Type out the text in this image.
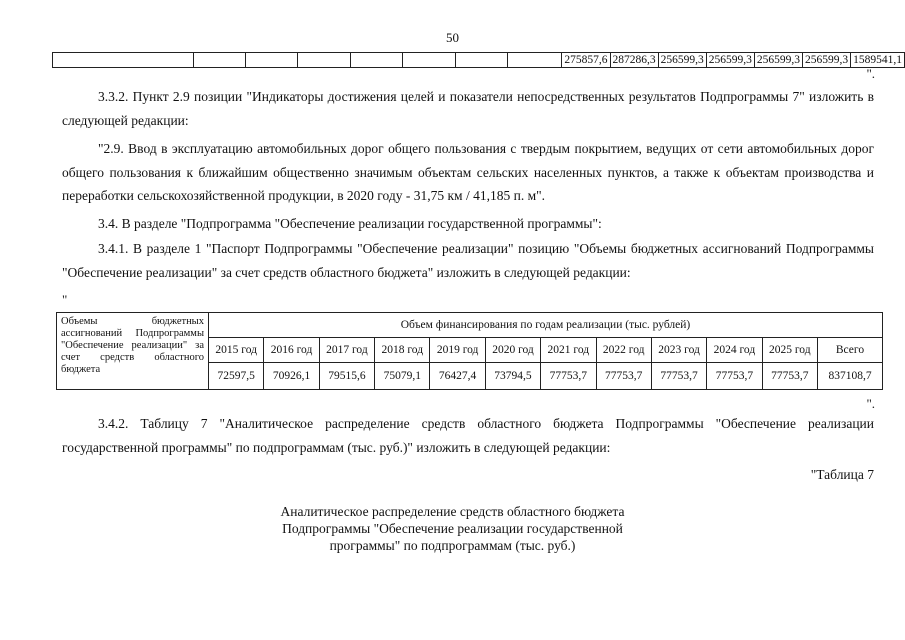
50
								275857,6	287286,3	256599,3	256599,3	256599,3	256599,3	1589541,1
".
3.3.2. Пункт 2.9 позиции "Индикаторы достижения целей и показатели непосредственных результатов Подпрограммы 7" изложить в следующей редакции:
"2.9. Ввод в эксплуатацию автомобильных дорог общего пользования с твердым покрытием, ведущих от сети автомобильных дорог общего пользования к ближайшим общественно значимым объектам сельских населенных пунктов, а также к объектам производства и переработки сельскохозяйственной продукции, в 2020 году - 31,75 км / 41,185 п. м".
3.4. В разделе "Подпрограмма "Обеспечение реализации государственной программы":
3.4.1. В разделе 1 "Паспорт Подпрограммы "Обеспечение реализации" позицию "Объемы бюджетных ассигнований Подпрограммы "Обеспечение реализации" за счет средств областного бюджета" изложить в следующей редакции:
"
Объемы бюджетных ассигнований Подпрограммы "Обеспечение реализации" за счет средств областного бюджета	Объем финансирования по годам реализации (тыс. рублей)											
	2015 год	2016 год	2017 год	2018 год	2019 год	2020 год	2021 год	2022 год	2023 год	2024 год	2025 год	Всего
	72597,5	70926,1	79515,6	75079,1	76427,4	73794,5	77753,7	77753,7	77753,7	77753,7	77753,7	837108,7
".
3.4.2. Таблицу 7 "Аналитическое распределение средств областного бюджета Подпрограммы "Обеспечение реализации государственной программы" по подпрограммам (тыс. руб.)" изложить в следующей редакции:
"Таблица 7
Аналитическое распределение средств областного бюджета
Подпрограммы "Обеспечение реализации государственной
программы" по подпрограммам (тыс. руб.)
